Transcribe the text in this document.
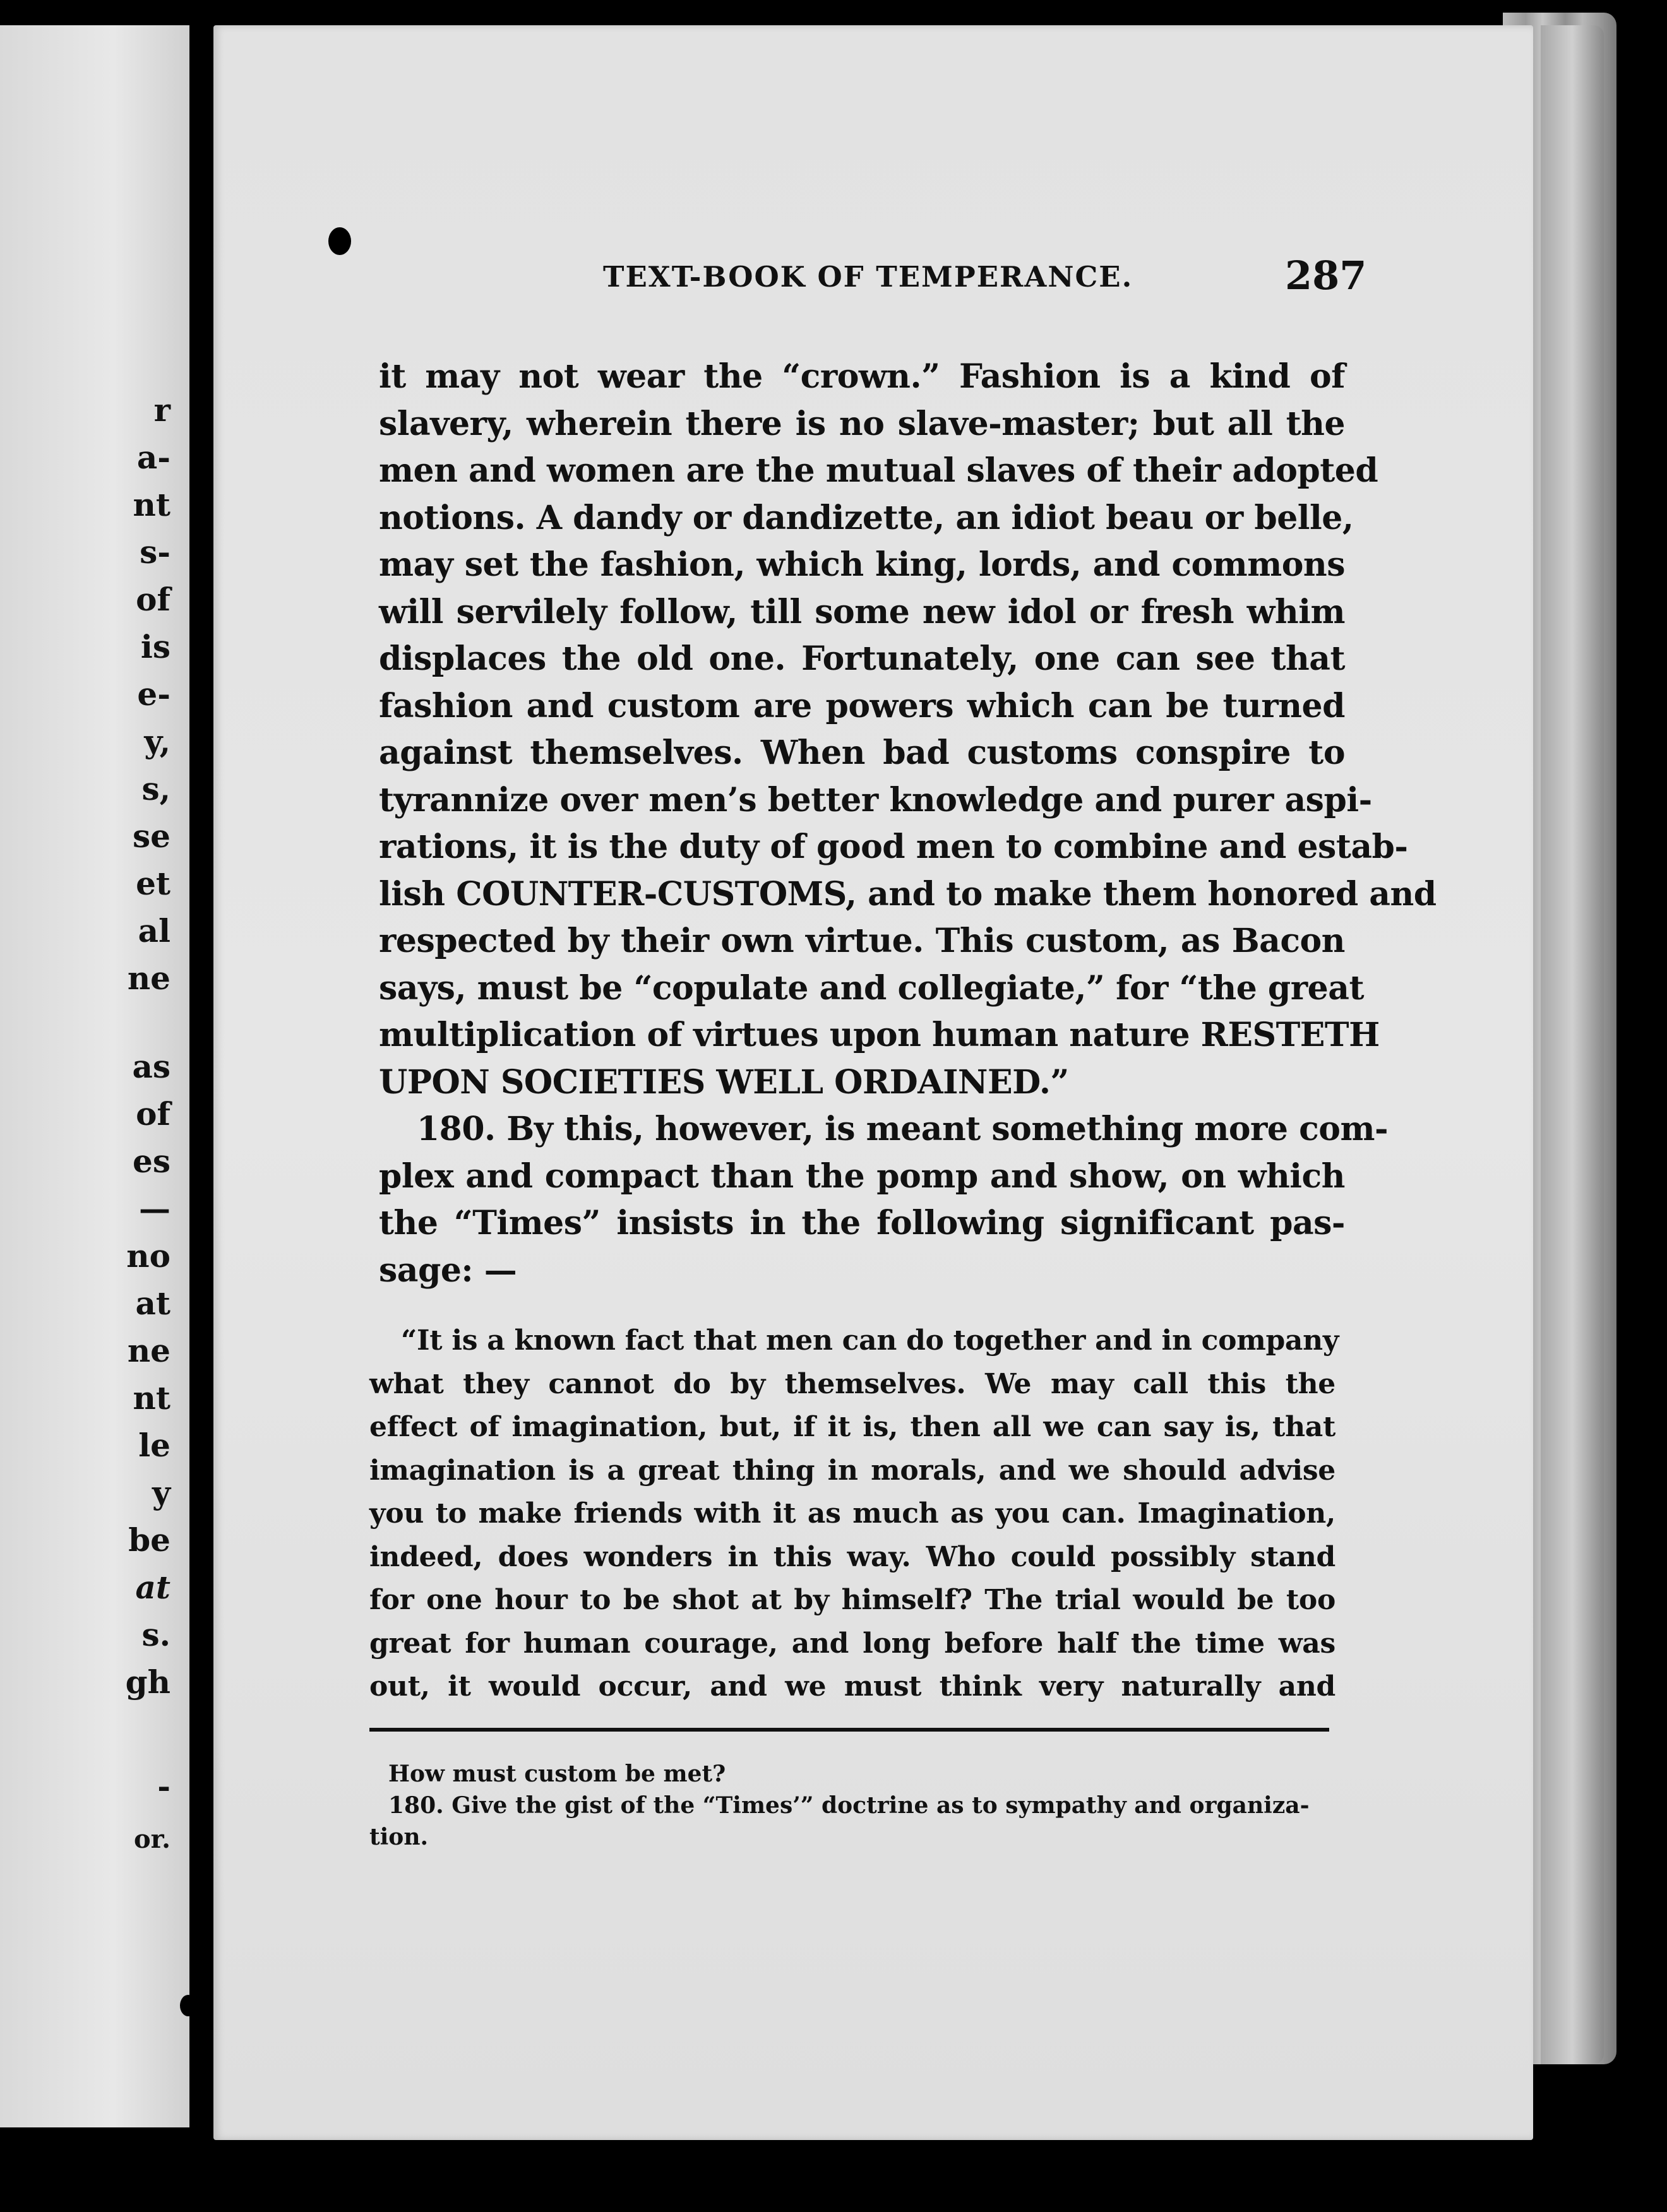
r
a-
nt
s-
of
is
e-
y,
s,
se
et
al
ne
as
of
es
—
no
at
ne
nt
le
y
be
at
s.
gh
-
or.
TEXT-BOOK OF TEMPERANCE.	287
it may not wear the “crown.” Fashion is a kind of
slavery, wherein there is no slave-master; but all the
men and women are the mutual slaves of their adopted
notions. A dandy or dandizette, an idiot beau or belle,
may set the fashion, which king, lords, and commons
will servilely follow, till some new idol or fresh whim
displaces the old one. Fortunately, one can see that
fashion and custom are powers which can be turned
against themselves. When bad customs conspire to
tyrannize over men’s better knowledge and purer aspi-
rations, it is the duty of good men to combine and estab-
lish COUNTER-CUSTOMS, and to make them honored and
respected by their own virtue. This custom, as Bacon
says, must be “copulate and collegiate,” for “the great
multiplication of virtues upon human nature RESTETH
UPON SOCIETIES WELL ORDAINED.”
180. By this, however, is meant something more com-
plex and compact than the pomp and show, on which
the “Times” insists in the following significant pas-
sage: —
“It is a known fact that men can do together and in company
what they cannot do by themselves. We may call this the
effect of imagination, but, if it is, then all we can say is, that
imagination is a great thing in morals, and we should advise
you to make friends with it as much as you can. Imagination,
indeed, does wonders in this way. Who could possibly stand
for one hour to be shot at by himself? The trial would be too
great for human courage, and long before half the time was
out, it would occur, and we must think very naturally and
How must custom be met?
180. Give the gist of the “Times’” doctrine as to sympathy and organiza-
tion.
